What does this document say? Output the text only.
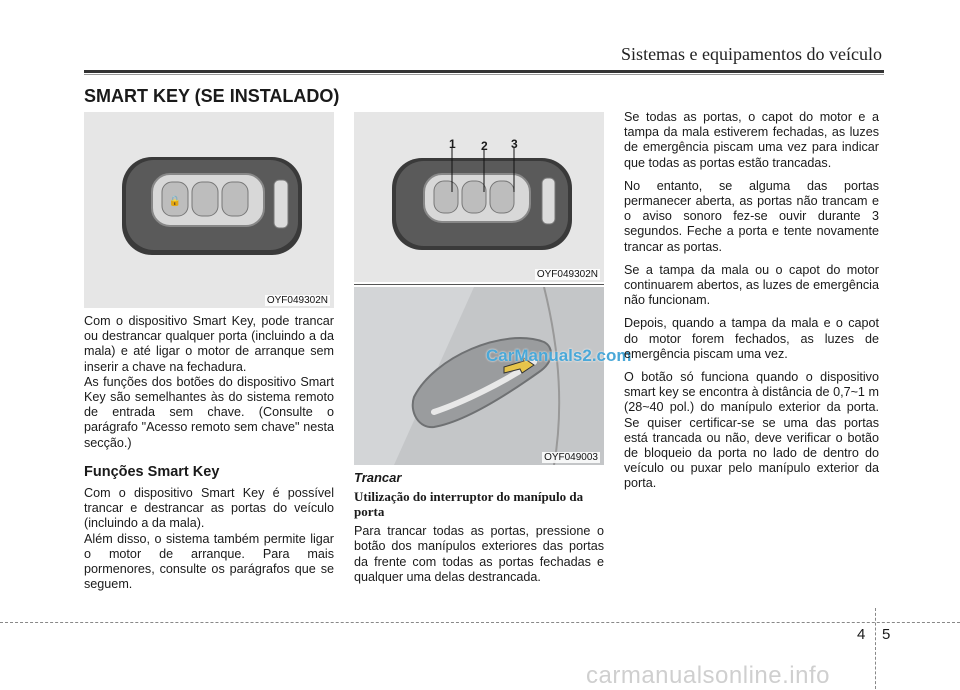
Sistemas e equipamentos do veículo
SMART KEY (SE INSTALADO)
🔒
OYF049302N
1 2 3
OYF049302N
OYF049003
CarManuals2.com

Com o dispositivo Smart Key, pode trancar ou destrancar qualquer porta (incluindo a da mala) e até ligar o motor de arranque sem inserir a chave na fechadura.

As funções dos botões do dispositivo Smart Key são semelhantes às do sistema remoto de entrada sem chave. (Consulte o parágrafo "Acesso remoto sem chave" nesta secção.)

Funções Smart Key

Com o dispositivo Smart Key é possível trancar e destrancar as portas do veículo (incluindo a da mala).

Além disso, o sistema também permite ligar o motor de arranque. Para mais pormenores, consulte os parágrafos que se seguem.

Trancar
Utilização do interruptor do manípulo da porta

Para trancar todas as portas, pressione o botão dos manípulos exteriores das portas da frente com todas as portas fechadas e qualquer uma delas destrancada.

Se todas as portas, o capot do motor e a tampa da mala estiverem fechadas, as luzes de emergência piscam uma vez para indicar que todas as portas estão trancadas.

No entanto, se alguma das portas permanecer aberta, as portas não trancam e o aviso sonoro fez-se ouvir durante 3 segundos. Feche a porta e tente novamente trancar as portas.

Se a tampa da mala ou o capot do motor continuarem abertos, as luzes de emergência não funcionam.

Depois, quando a tampa da mala e o capot do motor forem fechados, as luzes de emergência piscam uma vez.

O botão só funciona quando o dispositivo smart key se encontra à distância de 0,7~1 m (28~40 pol.) do manípulo exterior da porta. Se quiser certificar-se se uma das portas está trancada ou não, deve verificar o botão de bloqueio da porta no lado de dentro do veículo ou puxar pelo manípulo exterior da porta.

4 5
carmanualsonline.info
